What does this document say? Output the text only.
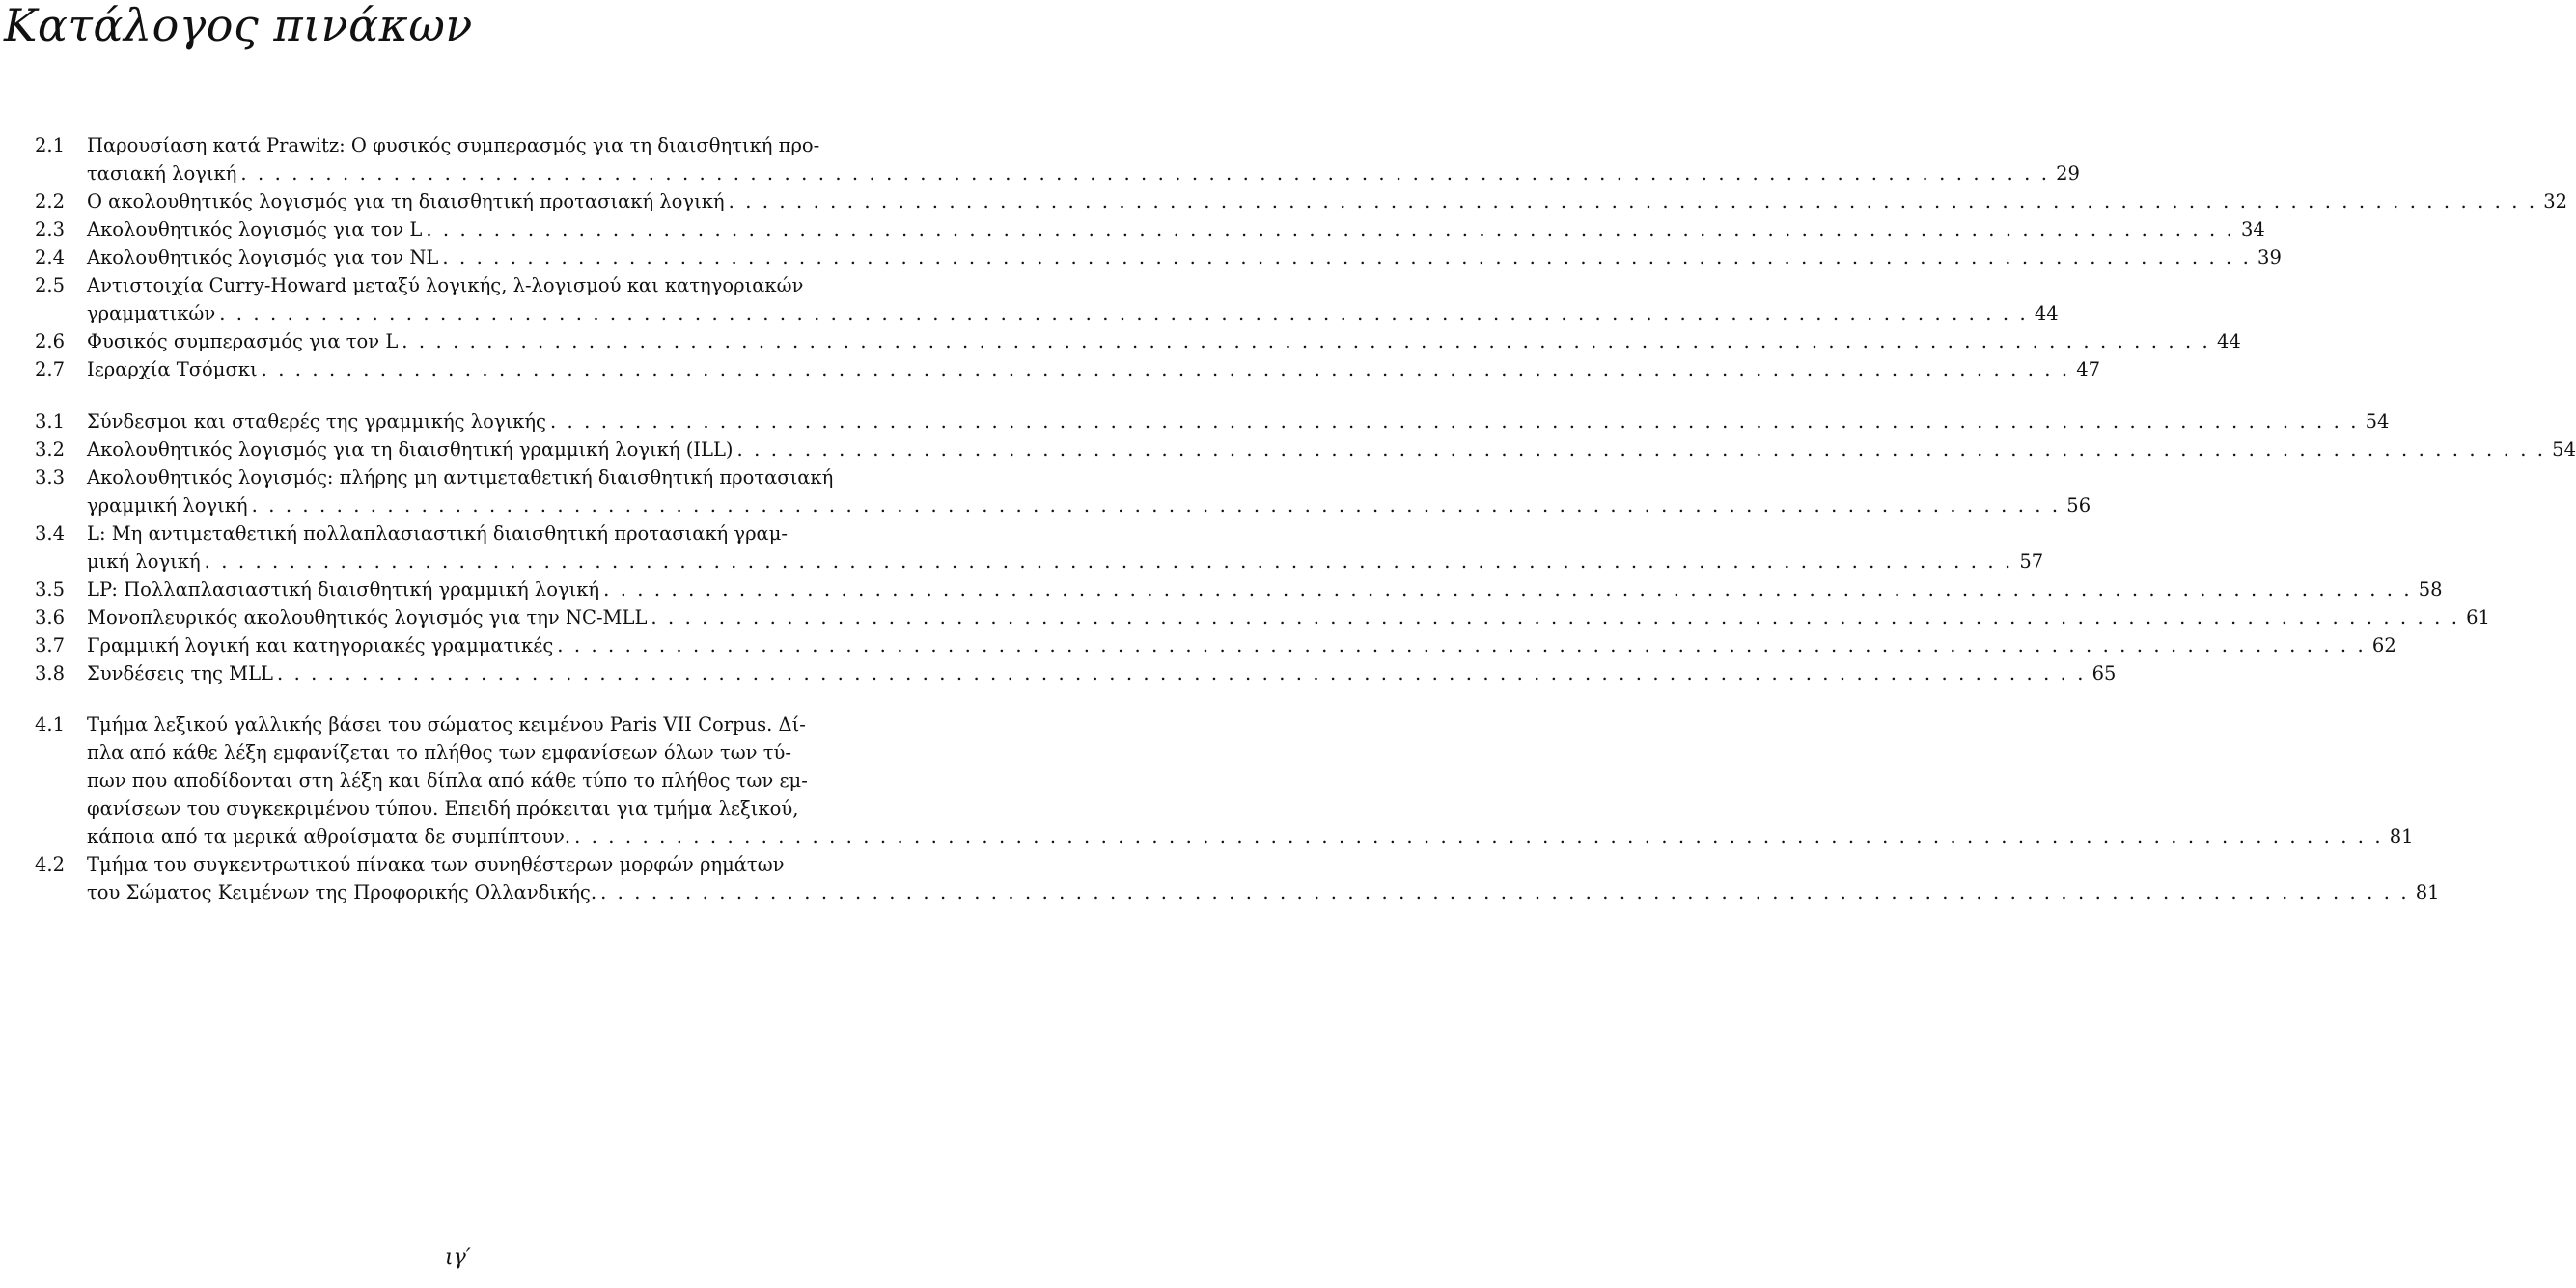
Κατάλογος πινάκων
2.1	Παρουσίαση κατά Prawitz: Ο φυσικός συμπερασμός για τη διαισθητική προ-
τασιακή λογική . . .	29
2.2	Ο ακολουθητικός λογισμός για τη διαισθητική προτασιακή λογική . . .	32
2.3	Ακολουθητικός λογισμός για τον L . . .	34
2.4	Ακολουθητικός λογισμός για τον NL . . .	39
2.5	Αντιστοιχία Curry-Howard μεταξύ λογικής, λ-λογισμού και κατηγοριακών
γραμματικών . . .	44
2.6	Φυσικός συμπερασμός για τον L . . .	44
2.7	Ιεραρχία Τσόμσκι . . .	47
3.1	Σύνδεσμοι και σταθερές της γραμμικής λογικής . . .	54
3.2	Ακολουθητικός λογισμός για τη διαισθητική γραμμική λογική (ILL) . . .	54
3.3	Ακολουθητικός λογισμός: πλήρης μη αντιμεταθετική διαισθητική προτασιακή
γραμμική λογική . . .	56
3.4	L: Μη αντιμεταθετική πολλαπλασιαστική διαισθητική προτασιακή γραμ-
μική λογική . . .	57
3.5	LP: Πολλαπλασιαστική διαισθητική γραμμική λογική . . .	58
3.6	Μονοπλευρικός ακολουθητικός λογισμός για την NC-MLL . . .	61
3.7	Γραμμική λογική και κατηγοριακές γραμματικές . . .	62
3.8	Συνδέσεις της MLL . . .	65
4.1	Τμήμα λεξικού γαλλικής βάσει του σώματος κειμένου Paris VII Corpus. Δί-
πλα από κάθε λέξη εμφανίζεται το πλήθος των εμφανίσεων όλων των τύ-
πων που αποδίδονται στη λέξη και δίπλα από κάθε τύπο το πλήθος των εμ-
φανίσεων του συγκεκριμένου τύπου. Επειδή πρόκειται για τμήμα λεξικού,
κάποια από τα μερικά αθροίσματα δε συμπίπτουν. . . .	81
4.2	Τμήμα του συγκεντρωτικού πίνακα των συνηθέστερων μορφών ρημάτων
του Σώματος Κειμένων της Προφορικής Ολλανδικής. . . .	81
ιγ′
